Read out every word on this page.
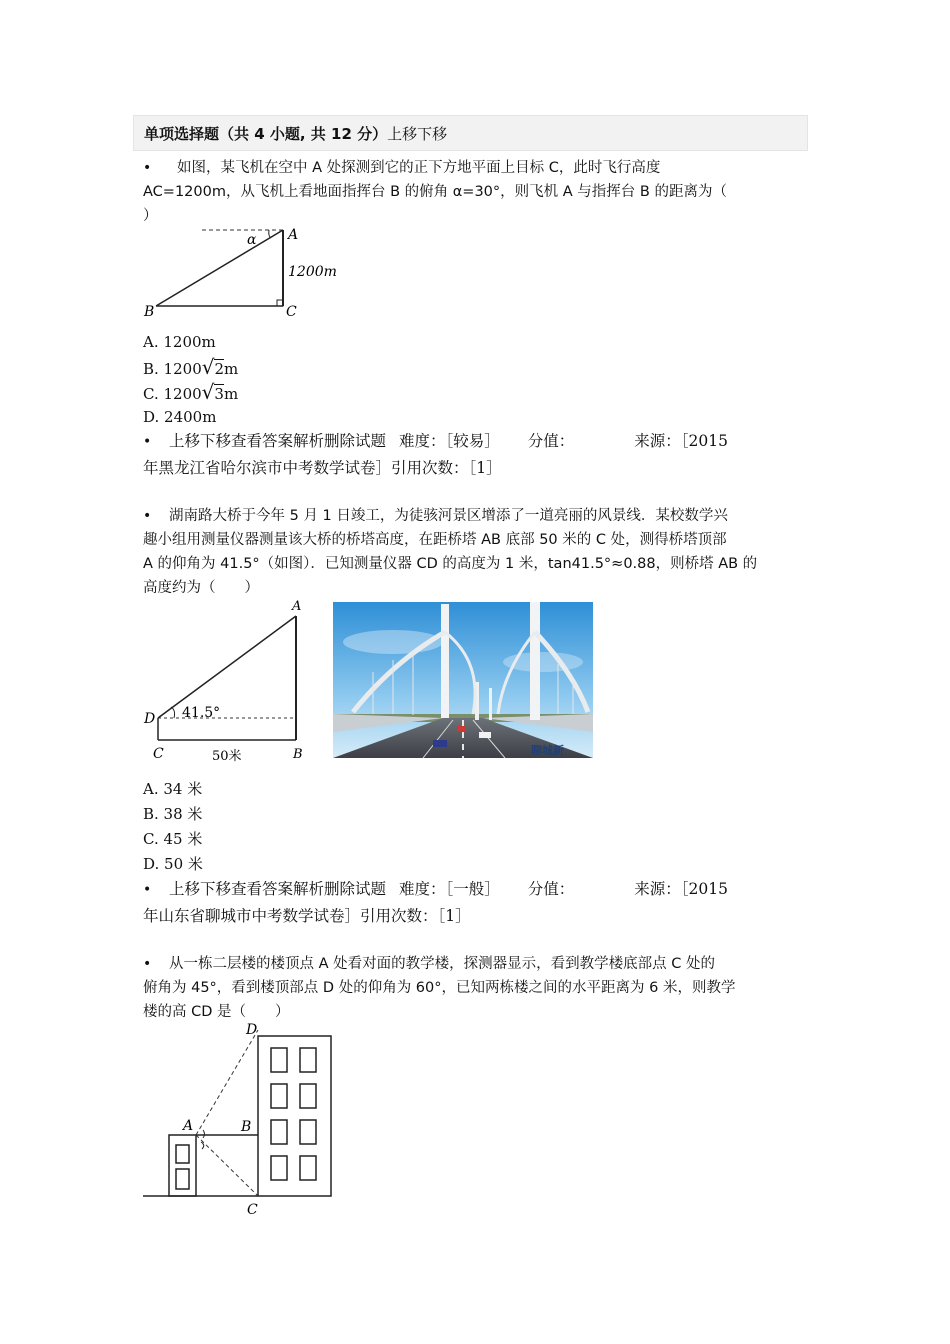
单项选择题（共 4 小题, 共 12 分）上移下移
• 如图，某飞机在空中 A 处探测到它的正下方地平面上目标 C，此时飞行高度
AC=1200m，从飞机上看地面指挥台 B 的俯角 α=30°，则飞机 A 与指挥台 B 的距离为（
）
α A
B	C
1200m
A. 1200m
B. 1200√2m
C. 1200√3m
D. 2400m
• 上移下移查看答案解析删除试题 难度：［较易］ 分值：	来源：［2015
年黑龙江省哈尔滨市中考数学试卷］引用次数：［1］
• 湖南路大桥于今年 5 月 1 日竣工，为徒骇河景区增添了一道亮丽的风景线．某校数学兴
趣小组用测量仪器测量该大桥的桥塔高度，在距桥塔 AB 底部 50 米的 C 处，测得桥塔顶部
A 的仰角为 41.5°（如图）．已知测量仪器 CD 的高度为 1 米，tan41.5°≈0.88，则桥塔 AB 的
高度约为（　　）
A
D
C	B
41.5°
50米	聊城新
A. 34 米
B. 38 米
C. 45 米
D. 50 米
• 上移下移查看答案解析删除试题 难度：［一般］ 分值：	来源：［2015
年山东省聊城市中考数学试卷］引用次数：［1］
• 从一栋二层楼的楼顶点 A 处看对面的教学楼，探测器显示，看到教学楼底部点 C 处的
俯角为 45°，看到楼顶部点 D 处的仰角为 60°，已知两栋楼之间的水平距离为 6 米，则教学
楼的高 CD 是（　　）
A	B
C
D
